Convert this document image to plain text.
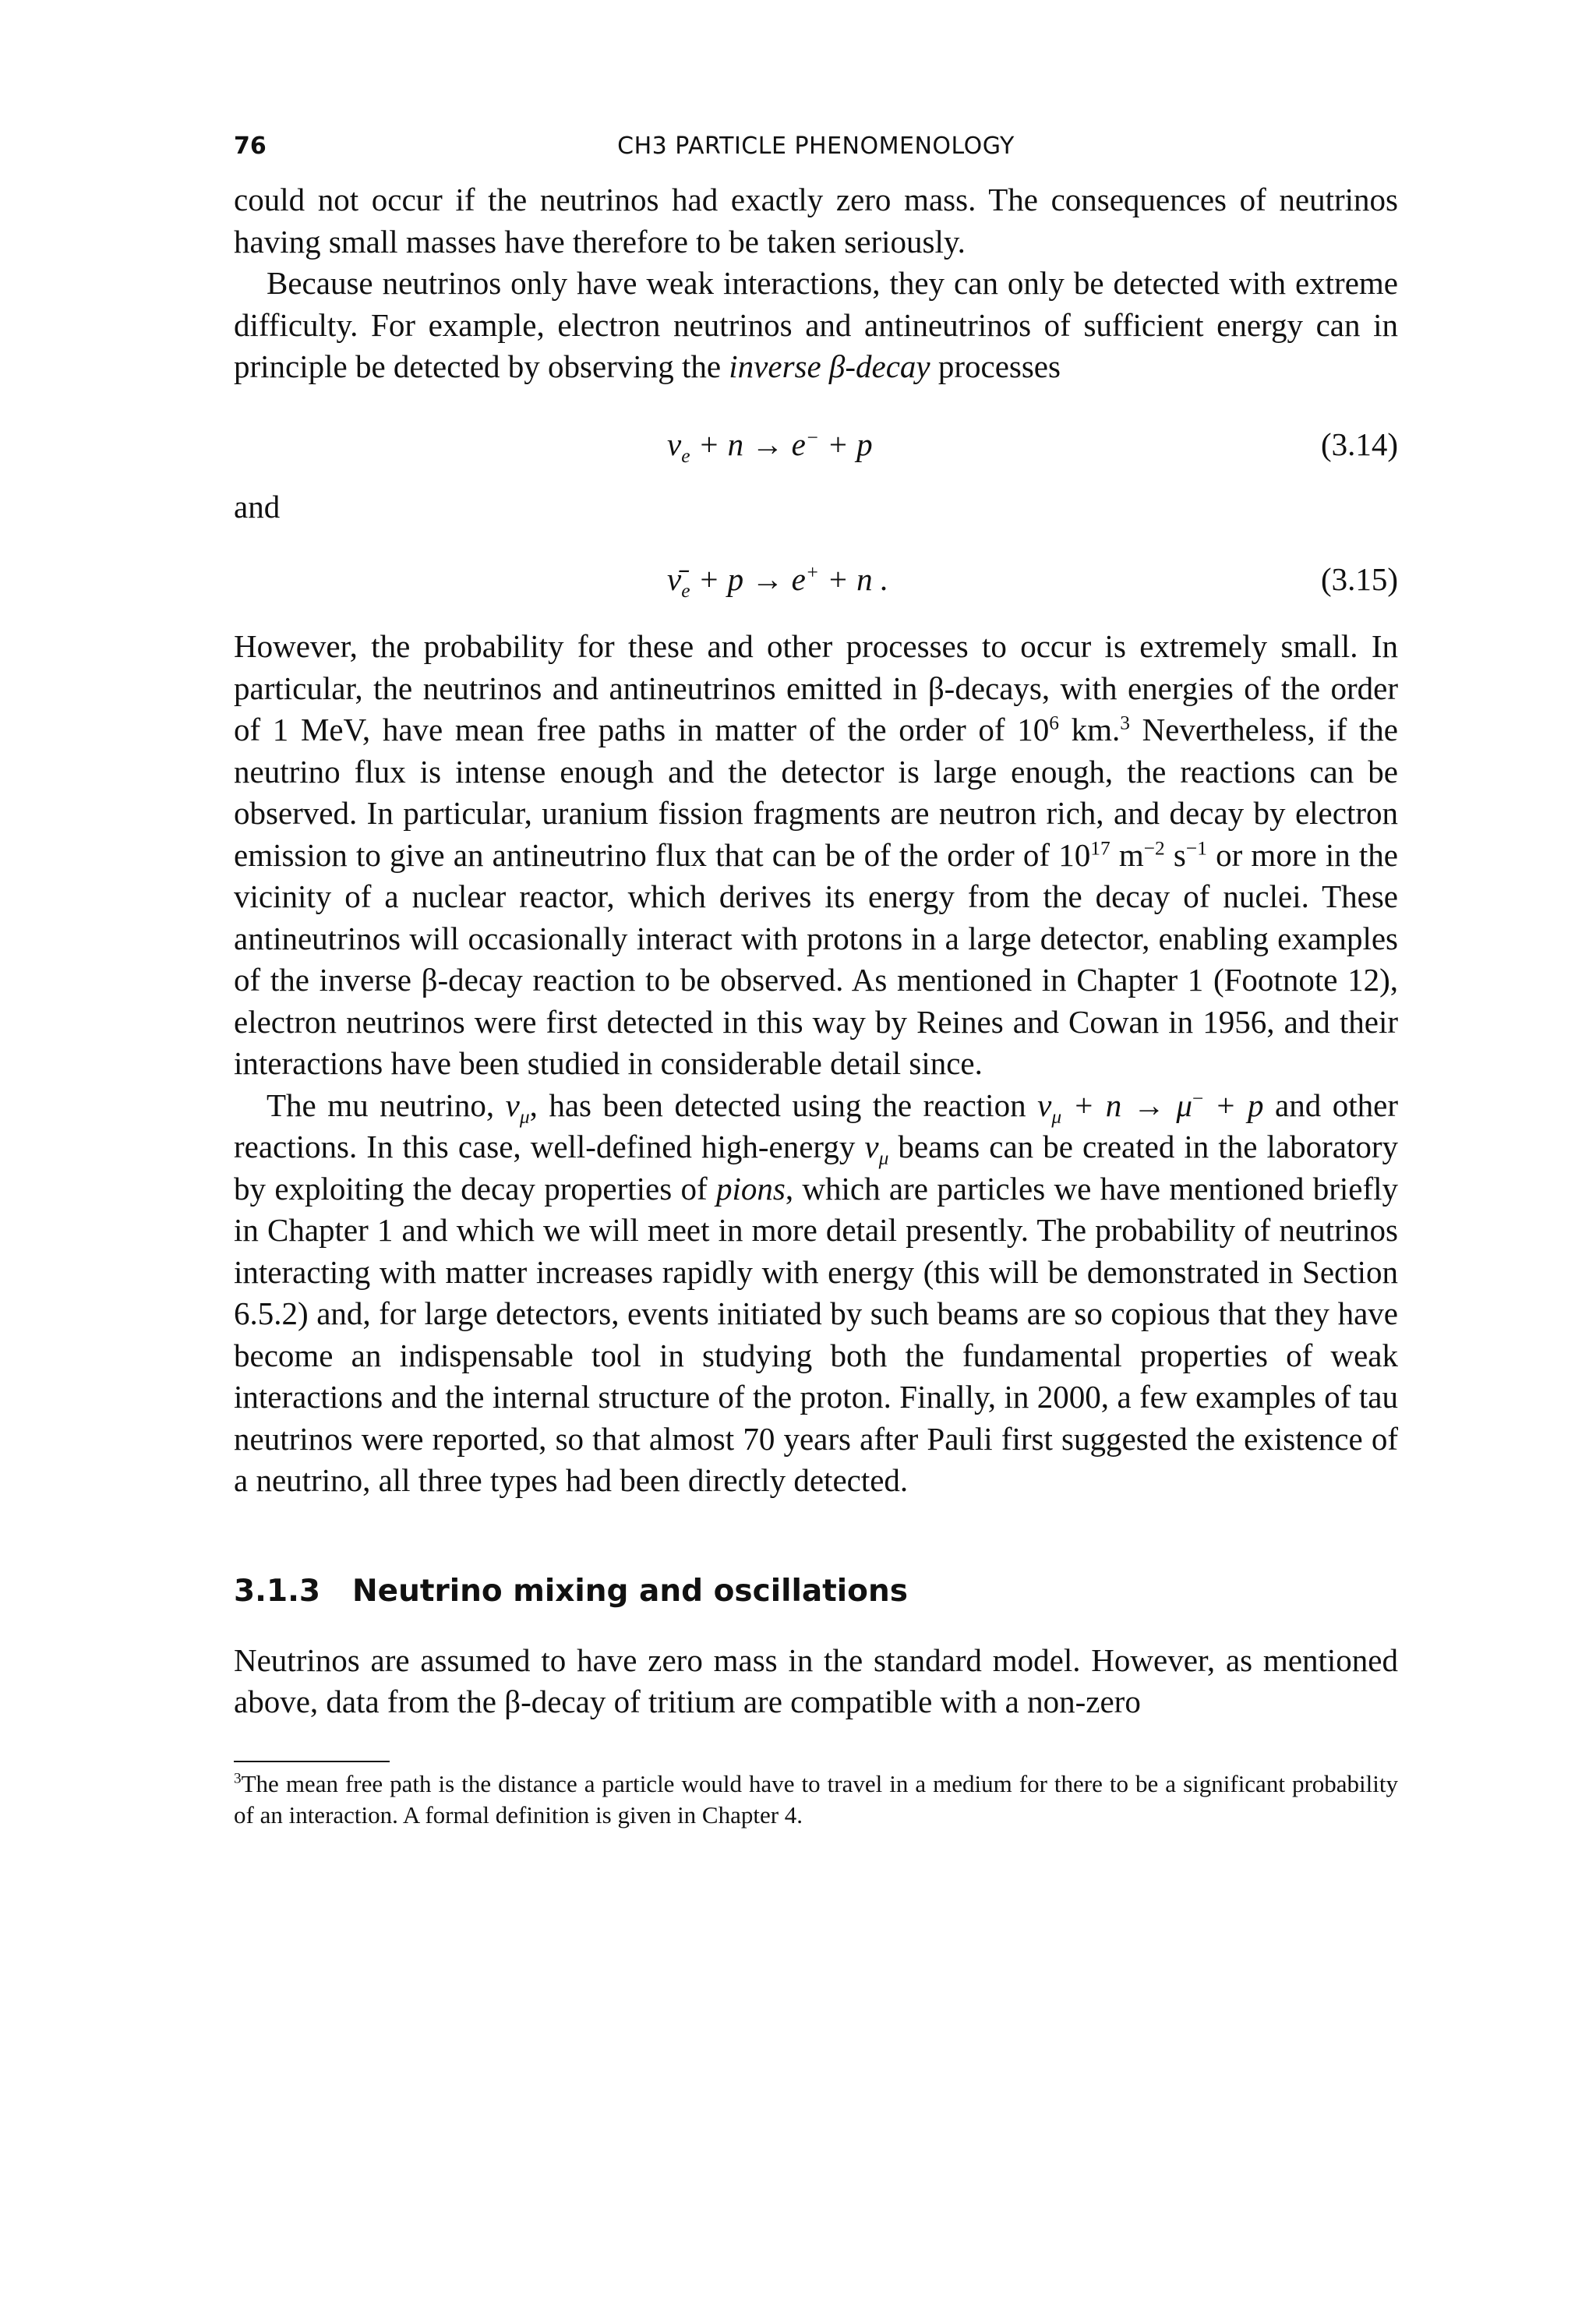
76	CH3 PARTICLE PHENOMENOLOGY

could not occur if the neutrinos had exactly zero mass. The consequences of neutrinos having small masses have therefore to be taken seriously.

Because neutrinos only have weak interactions, they can only be detected with extreme difficulty. For example, electron neutrinos and antineutrinos of sufficient energy can in principle be detected by observing the inverse β-decay processes

$\nu_e + n \to e^- + p$	(3.14)

and

$\nū_e + p \to e^+ + n$ .	(3.15)

However, the probability for these and other processes to occur is extremely small. In particular, the neutrinos and antineutrinos emitted in β-decays, with energies of the order of 1 MeV, have mean free paths in matter of the order of $10^6$ km.$^3$ Nevertheless, if the neutrino flux is intense enough and the detector is large enough, the reactions can be observed. In particular, uranium fission fragments are neutron rich, and decay by electron emission to give an antineutrino flux that can be of the order of $10^{17}$ $m^{-2}$ $s^{-1}$ or more in the vicinity of a nuclear reactor, which derives its energy from the decay of nuclei. These antineutrinos will occasionally interact with protons in a large detector, enabling examples of the inverse β-decay reaction to be observed. As mentioned in Chapter 1 (Footnote 12), electron neutrinos were first detected in this way by Reines and Cowan in 1956, and their interactions have been studied in considerable detail since.

The mu neutrino, $\nu_\mu$, has been detected using the reaction $\nu_\mu + n \to \mu^- + p$ and other reactions. In this case, well-defined high-energy $\nu_\mu$ beams can be created in the laboratory by exploiting the decay properties of pions, which are particles we have mentioned briefly in Chapter 1 and which we will meet in more detail presently. The probability of neutrinos interacting with matter increases rapidly with energy (this will be demonstrated in Section 6.5.2) and, for large detectors, events initiated by such beams are so copious that they have become an indispensable tool in studying both the fundamental properties of weak interactions and the internal structure of the proton. Finally, in 2000, a few examples of tau neutrinos were reported, so that almost 70 years after Pauli first suggested the existence of a neutrino, all three types had been directly detected.

3.1.3 Neutrino mixing and oscillations

Neutrinos are assumed to have zero mass in the standard model. However, as mentioned above, data from the β-decay of tritium are compatible with a non-zero

$^3$The mean free path is the distance a particle would have to travel in a medium for there to be a significant probability of an interaction. A formal definition is given in Chapter 4.
